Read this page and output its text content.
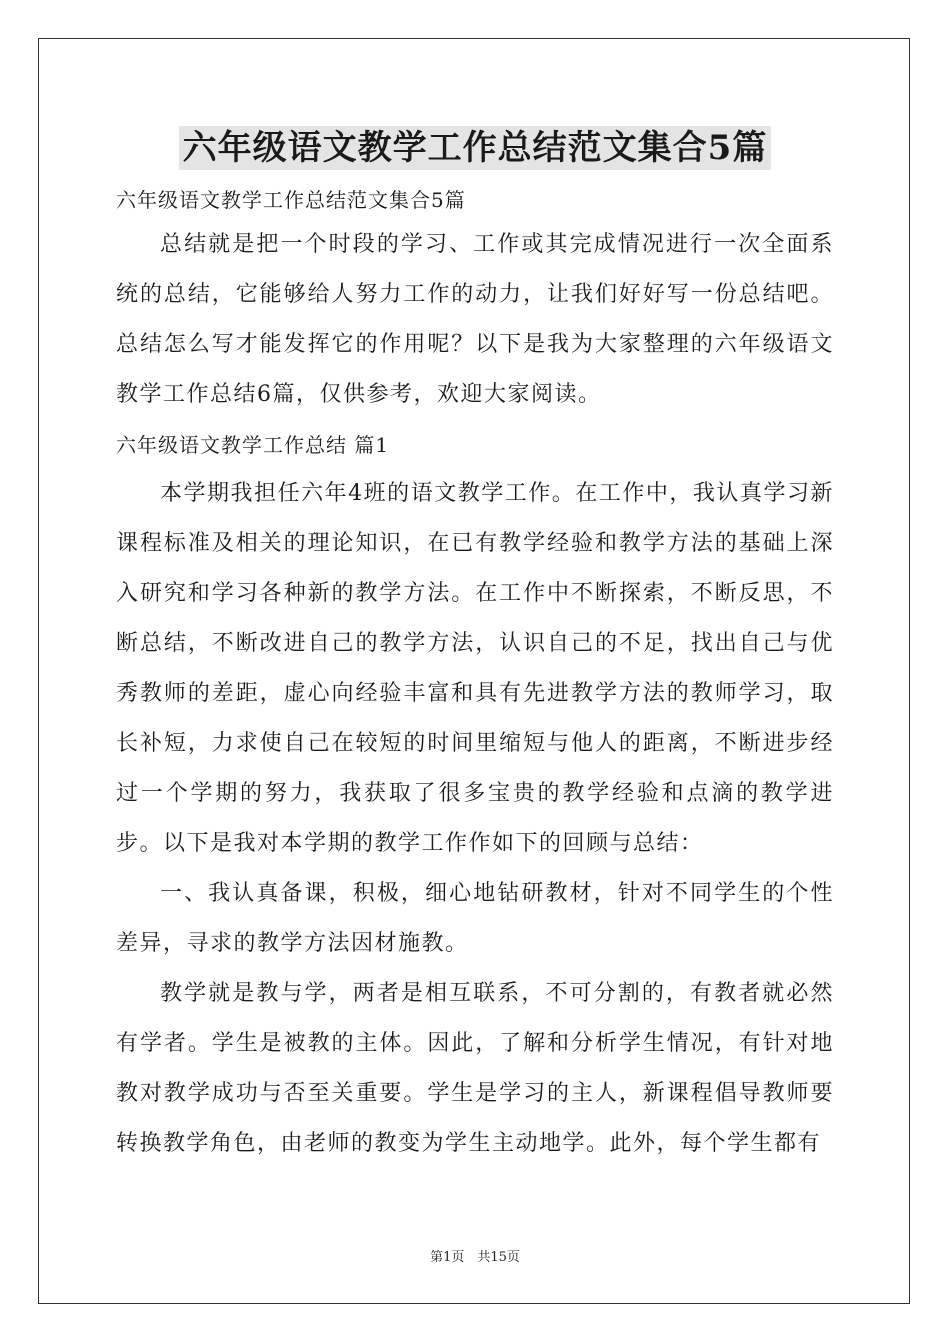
六年级语文教学工作总结范文集合5篇

六年级语文教学工作总结范文集合5篇

总结就是把一个时段的学习、工作或其完成情况进行一次全面系统的总结，它能够给人努力工作的动力，让我们好好写一份总结吧。总结怎么写才能发挥它的作用呢？以下是我为大家整理的六年级语文教学工作总结6篇，仅供参考，欢迎大家阅读。

六年级语文教学工作总结 篇1

本学期我担任六年4班的语文教学工作。在工作中，我认真学习新课程标准及相关的理论知识，在已有教学经验和教学方法的基础上深入研究和学习各种新的教学方法。在工作中不断探索，不断反思，不断总结，不断改进自己的教学方法，认识自己的不足，找出自己与优秀教师的差距，虚心向经验丰富和具有先进教学方法的教师学习，取长补短，力求使自己在较短的时间里缩短与他人的距离，不断进步经过一个学期的努力，我获取了很多宝贵的教学经验和点滴的教学进步。以下是我对本学期的教学工作作如下的回顾与总结：

一、我认真备课，积极，细心地钻研教材，针对不同学生的个性差异，寻求的教学方法因材施教。

教学就是教与学，两者是相互联系，不可分割的，有教者就必然有学者。学生是被教的主体。因此，了解和分析学生情况，有针对地教对教学成功与否至关重要。学生是学习的主人，新课程倡导教师要转换教学角色，由老师的教变为学生主动地学。此外，每个学生都有

第1页　共15页
